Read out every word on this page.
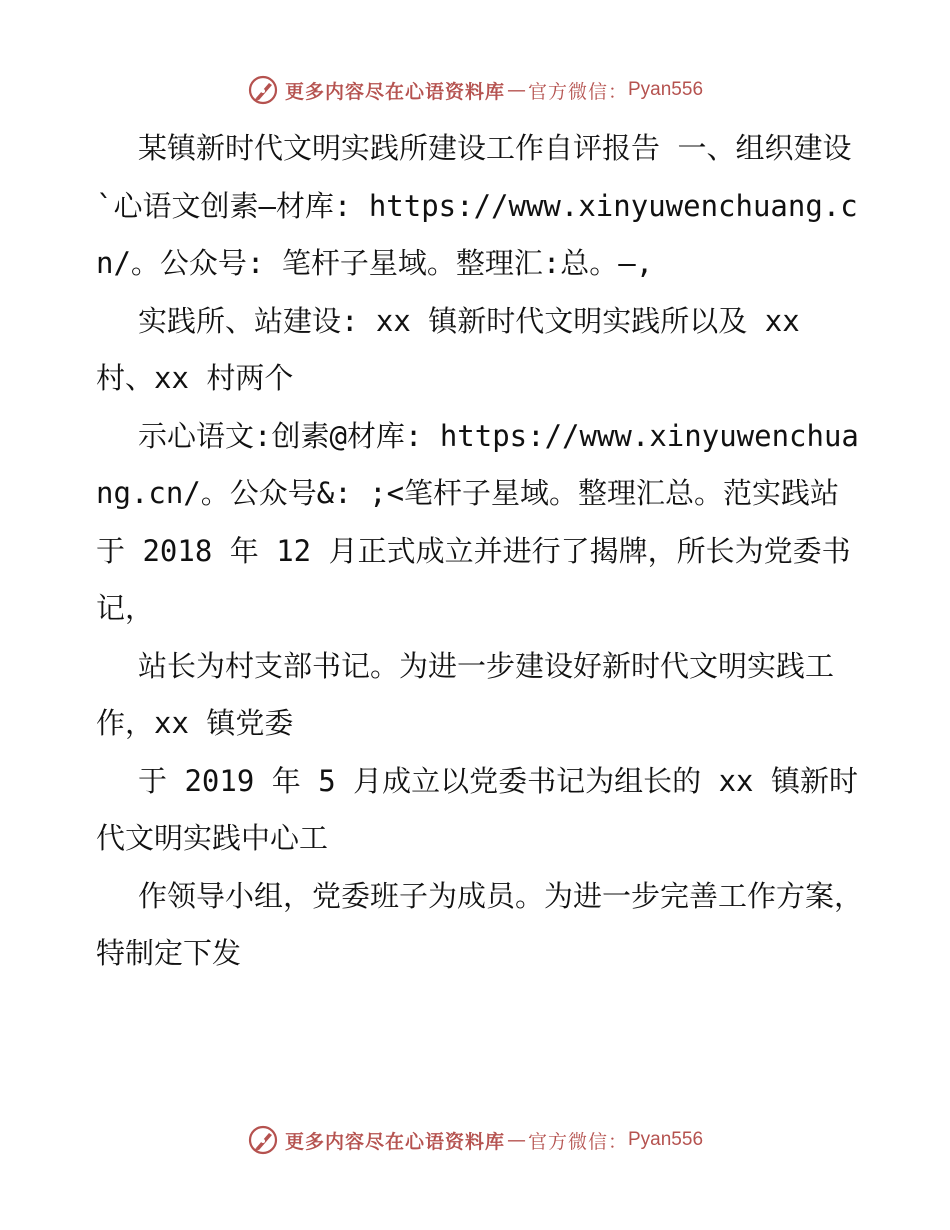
更多内容尽在心语资料库 — 官方微信： Pyan556

某镇新时代文明实践所建设工作自评报告 一、组织建设`心语文创素—材库: https://www.xinyuwenchuang.cn/。公众号: 笔杆子星域。整理汇:总。—,

实践所、站建设: xx 镇新时代文明实践所以及 xx 村、xx 村两个

示心语文:创素@材库: https://www.xinyuwenchuang.cn/。公众号&: ;<笔杆子星域。整理汇总。范实践站于 2018 年 12 月正式成立并进行了揭牌，所长为党委书记，

站长为村支部书记。为进一步建设好新时代文明实践工作，xx 镇党委

于 2019 年 5 月成立以党委书记为组长的 xx 镇新时代文明实践中心工

作领导小组，党委班子为成员。为进一步完善工作方案，特制定下发

更多内容尽在心语资料库 — 官方微信： Pyan556
